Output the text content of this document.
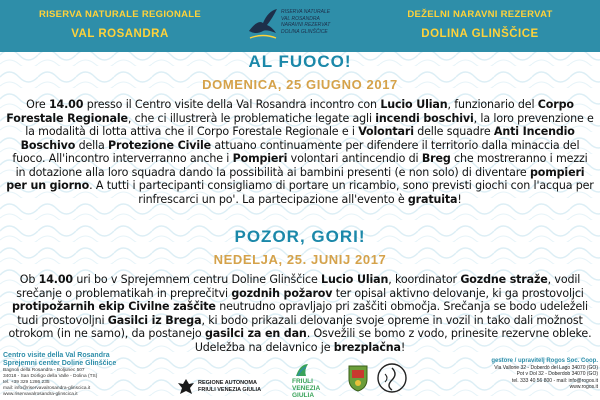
RISERVA NATURALE REGIONALE
VAL ROSANDRA
RISERVA NATURALE
VAL ROSANDRA
NARAVNI REZERVAT
DOLINA GLINŠČICE
DEŽELNI NARAVNI REZERVAT
DOLINA GLINŠČICE
AL FUOCO!
DOMENICA, 25 GIUGNO 2017
Ore 14.00 presso il Centro visite della Val Rosandra incontro con Lucio Ulian, funzionario del Corpo Forestale Regionale, che ci illustrerà le problematiche legate agli incendi boschivi, la loro prevenzione e la modalità di lotta attiva che il Corpo Forestale Regionale e i Volontari delle squadre Anti Incendio Boschivo della Protezione Civile attuano continuamente per difendere il territorio dalla minaccia del fuoco. All'incontro interverranno anche i Pompieri volontari antincendio di Breg che mostreranno i mezzi in dotazione alla loro squadra dando la possibilità ai bambini presenti (e non solo) di diventare pompieri per un giorno. A tutti i partecipanti consigliamo di portare un ricambio, sono previsti giochi con l'acqua per rinfrescarci un po'. La partecipazione all'evento è gratuita!
POZOR, GORI!
NEDELJA, 25. JUNIJ 2017
Ob 14.00 uri bo v Sprejemnem centru Doline Glinščice Lucio Ulian, koordinator Gozdne straže, vodil srečanje o problematikah in preprečitvi gozdnih požarov ter opisal aktivno delovanje, ki ga prostovoljci protipožarnih ekip Civilne zaščite neutrudno opravljajo pri zaščiti območja. Srečanja se bodo udeleželi tudi prostovoljni Gasilci iz Brega, ki bodo prikazali delovanje svoje opreme in vozil in tako dali možnost otrokom (in ne samo), da postanejo gasilci za en dan. Osvežili se bomo z vodo, prinesite rezervne obleke. Udeležba na delavnico je brezplačna!
Centro visite della Val Rosandra
Sprejemni center Doline Glinščice
Bagnoli della Rosandra - Boljunec 507
34018 - San Dorligo della Valle - Dolina (TS)
tel. +39 329 1286 235
mail: info@riservavalrosandra-glinscica.it
www.riservavalrosandra-glinscica.it
REGIONE AUTONOMA
FRIULI VENEZIA GIULIA
FRIULI
VENEZIA
GIULIA
gestore / upravitelj Rogos Soc. Coop.
Via Vallone 32 - Doberdò del Lago 34070 (GO)
Pot v Dol 32 - Doberdob 34070 (GO)
tel. 333 40 56 800 - mail: info@rogos.it
www.rogos.it
